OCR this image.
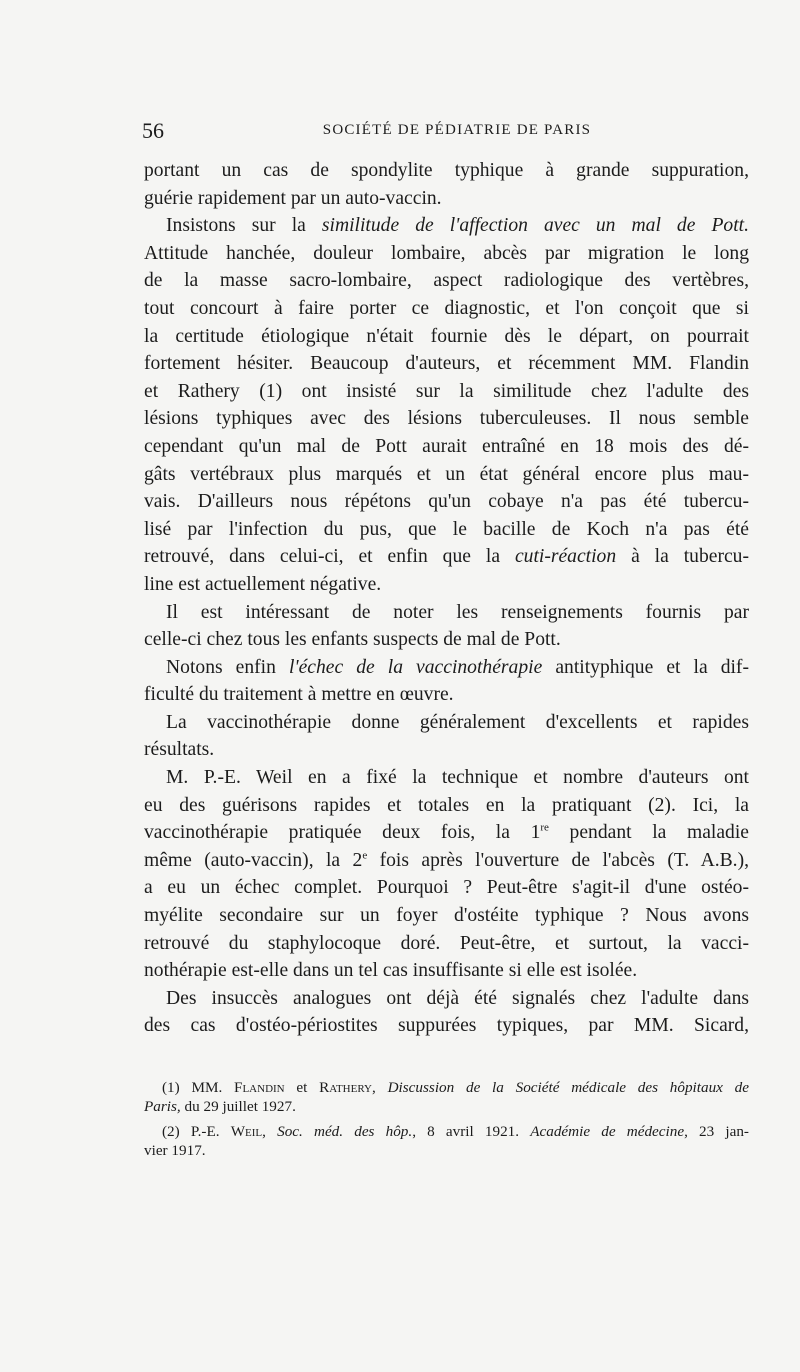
56	SOCIÉTÉ DE PÉDIATRIE DE PARIS
portant un cas de spondylite typhique à grande suppuration,
guérie rapidement par un auto-vaccin.
Insistons sur la similitude de l'affection avec un mal de Pott.
Attitude hanchée, douleur lombaire, abcès par migration le long
de la masse sacro-lombaire, aspect radiologique des vertèbres,
tout concourt à faire porter ce diagnostic, et l'on conçoit que si
la certitude étiologique n'était fournie dès le départ, on pourrait
fortement hésiter. Beaucoup d'auteurs, et récemment MM. Flandin
et Rathery (1) ont insisté sur la similitude chez l'adulte des
lésions typhiques avec des lésions tuberculeuses. Il nous semble
cependant qu'un mal de Pott aurait entraîné en 18 mois des dé-
gâts vertébraux plus marqués et un état général encore plus mau-
vais. D'ailleurs nous répétons qu'un cobaye n'a pas été tubercu-
lisé par l'infection du pus, que le bacille de Koch n'a pas été
retrouvé, dans celui-ci, et enfin que la cuti-réaction à la tubercu-
line est actuellement négative.
Il est intéressant de noter les renseignements fournis par
celle-ci chez tous les enfants suspects de mal de Pott.
Notons enfin l'échec de la vaccinothérapie antityphique et la dif-
ficulté du traitement à mettre en œuvre.
La vaccinothérapie donne généralement d'excellents et rapides
résultats.
M. P.-E. Weil en a fixé la technique et nombre d'auteurs ont
eu des guérisons rapides et totales en la pratiquant (2). Ici, la
vaccinothérapie pratiquée deux fois, la 1re pendant la maladie
même (auto-vaccin), la 2e fois après l'ouverture de l'abcès (T. A.B.),
a eu un échec complet. Pourquoi ? Peut-être s'agit-il d'une ostéo-
myélite secondaire sur un foyer d'ostéite typhique ? Nous avons
retrouvé du staphylocoque doré. Peut-être, et surtout, la vacci-
nothérapie est-elle dans un tel cas insuffisante si elle est isolée.
Des insuccès analogues ont déjà été signalés chez l'adulte dans
des cas d'ostéo-périostites suppurées typiques, par MM. Sicard,
(1) MM. Flandin et Rathery, Discussion de la Société médicale des hôpitaux de
Paris, du 29 juillet 1927.
(2) P.-E. Weil, Soc. méd. des hôp., 8 avril 1921. Académie de médecine, 23 jan-
vier 1917.
